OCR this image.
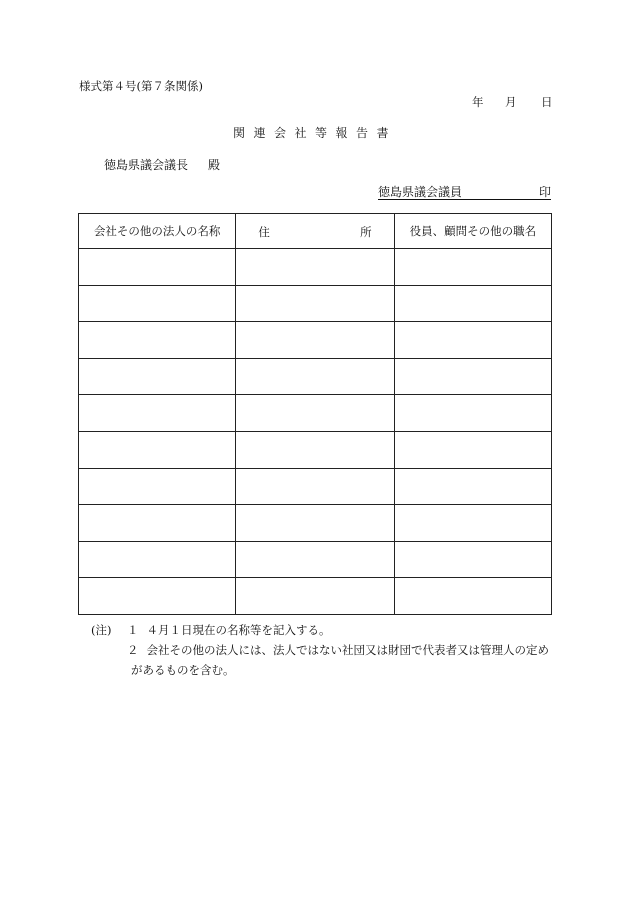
様式第４号(第７条関係)
年 月 日
関連会社等報告書
徳島県議会議長 殿
徳島県議会議員	印
会社その他の法人の名称	住 所	役員、顧問その他の職名

(注) １ ４月１日現在の名称等を記入する。
２ 会社その他の法人には、法人ではない社団又は財団で代表者又は管理人の定め
があるものを含む。
